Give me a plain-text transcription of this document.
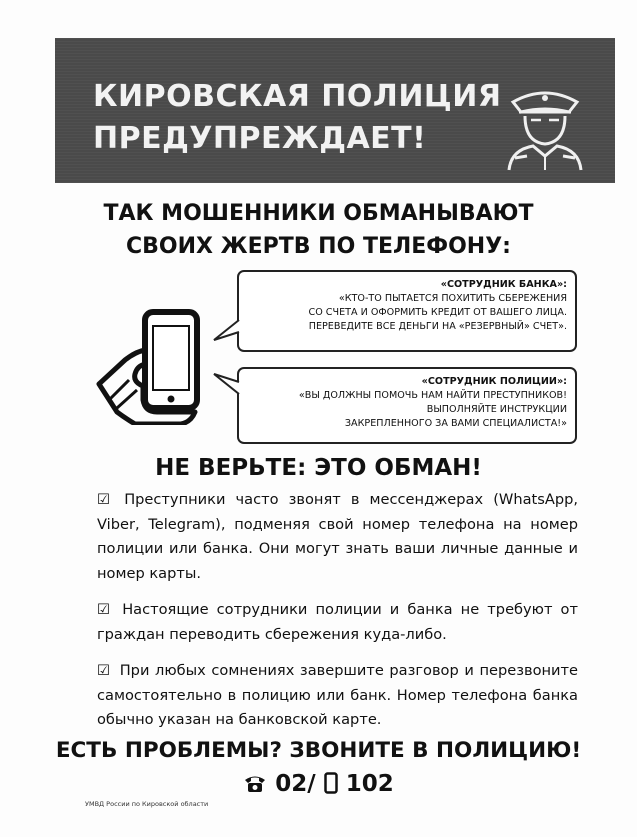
КИРОВСКАЯ ПОЛИЦИЯ
ПРЕДУПРЕЖДАЕТ!
ТАК МОШЕННИКИ ОБМАНЫВАЮТ
СВОИХ ЖЕРТВ ПО ТЕЛЕФОНУ:
«СОТРУДНИК БАНКА»:
«КТО-ТО ПЫТАЕТСЯ ПОХИТИТЬ СБЕРЕЖЕНИЯ
СО СЧЕТА И ОФОРМИТЬ КРЕДИТ ОТ ВАШЕГО ЛИЦА.
ПЕРЕВЕДИТЕ ВСЕ ДЕНЬГИ НА «РЕЗЕРВНЫЙ» СЧЕТ».
«СОТРУДНИК ПОЛИЦИИ»:
«ВЫ ДОЛЖНЫ ПОМОЧЬ НАМ НАЙТИ ПРЕСТУПНИКОВ!
ВЫПОЛНЯЙТЕ ИНСТРУКЦИИ
ЗАКРЕПЛЕННОГО ЗА ВАМИ СПЕЦИАЛИСТА!»
НЕ ВЕРЬТЕ: ЭТО ОБМАН!

☑ Преступники часто звонят в мессенджерах (WhatsApp, Viber, Telegram), подменяя свой номер телефона на номер полиции или банка. Они могут знать ваши личные данные и номер карты.

☑ Настоящие сотрудники полиции и банка не требуют от граждан переводить сбережения куда-либо.

☑ При любых сомнениях завершите разговор и перезвоните самостоятельно в полицию или банк. Номер телефона банка обычно указан на банковской карте.

ЕСТЬ ПРОБЛЕМЫ? ЗВОНИТЕ В ПОЛИЦИЮ!
02/ 102
УМВД России по Кировской области
